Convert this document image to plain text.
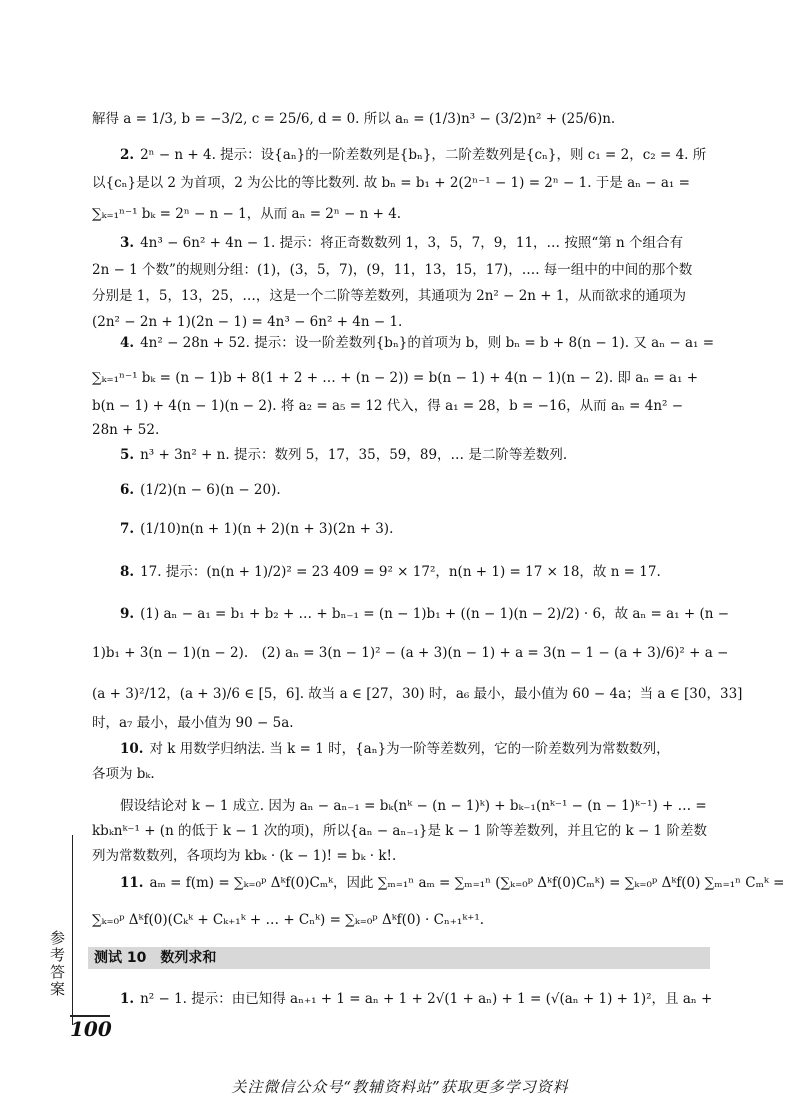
解得 a = 1/3, b = −3/2, c = 25/6, d = 0. 所以 aₙ = (1/3)n³ − (3/2)n² + (25/6)n.
2. 2ⁿ − n + 4. 提示：设{aₙ}的一阶差数列是{bₙ}，二阶差数列是{cₙ}，则 c₁ = 2，c₂ = 4. 所
以{cₙ}是以 2 为首项，2 为公比的等比数列. 故 bₙ = b₁ + 2(2ⁿ⁻¹ − 1) = 2ⁿ − 1. 于是 aₙ − a₁ =
∑ₖ₌₁ⁿ⁻¹ bₖ = 2ⁿ − n − 1，从而 aₙ = 2ⁿ − n + 4.
3. 4n³ − 6n² + 4n − 1. 提示：将正奇数数列 1，3，5，7，9，11，… 按照“第 n 个组合有
2n − 1 个数”的规则分组：(1)，(3，5，7)，(9，11，13，15，17)，…. 每一组中的中间的那个数
分别是 1，5，13，25，…，这是一个二阶等差数列，其通项为 2n² − 2n + 1，从而欲求的通项为
(2n² − 2n + 1)(2n − 1) = 4n³ − 6n² + 4n − 1.
4. 4n² − 28n + 52. 提示：设一阶差数列{bₙ}的首项为 b，则 bₙ = b + 8(n − 1). 又 aₙ − a₁ =
∑ₖ₌₁ⁿ⁻¹ bₖ = (n − 1)b + 8(1 + 2 + … + (n − 2)) = b(n − 1) + 4(n − 1)(n − 2). 即 aₙ = a₁ +
b(n − 1) + 4(n − 1)(n − 2). 将 a₂ = a₅ = 12 代入，得 a₁ = 28，b = −16，从而 aₙ = 4n² −
28n + 52.
5. n³ + 3n² + n. 提示：数列 5，17，35，59，89，… 是二阶等差数列.
6. (1/2)(n − 6)(n − 20).
7. (1/10)n(n + 1)(n + 2)(n + 3)(2n + 3).
8. 17. 提示：(n(n + 1)/2)² = 23 409 = 9² × 17²，n(n + 1) = 17 × 18，故 n = 17.
9. (1) aₙ − a₁ = b₁ + b₂ + … + bₙ₋₁ = (n − 1)b₁ + ((n − 1)(n − 2)/2) · 6，故 aₙ = a₁ + (n −
1)b₁ + 3(n − 1)(n − 2).　(2) aₙ = 3(n − 1)² − (a + 3)(n − 1) + a = 3(n − 1 − (a + 3)/6)² + a −
(a + 3)²/12，(a + 3)/6 ∈ [5，6]. 故当 a ∈ [27，30) 时，a₆ 最小，最小值为 60 − 4a；当 a ∈ [30，33]
时，a₇ 最小，最小值为 90 − 5a.
10. 对 k 用数学归纳法. 当 k = 1 时，{aₙ}为一阶等差数列，它的一阶差数列为常数数列，
各项为 bₖ.
假设结论对 k − 1 成立. 因为 aₙ − aₙ₋₁ = bₖ(nᵏ − (n − 1)ᵏ) + bₖ₋₁(nᵏ⁻¹ − (n − 1)ᵏ⁻¹) + … =
kbₖnᵏ⁻¹ + (n 的低于 k − 1 次的项)，所以{aₙ − aₙ₋₁}是 k − 1 阶等差数列，并且它的 k − 1 阶差数
列为常数数列，各项均为 kbₖ · (k − 1)! = bₖ · k!.
11. aₘ = f(m) = ∑ₖ₌₀ᵖ Δᵏf(0)Cₘᵏ，因此 ∑ₘ₌₁ⁿ aₘ = ∑ₘ₌₁ⁿ (∑ₖ₌₀ᵖ Δᵏf(0)Cₘᵏ) = ∑ₖ₌₀ᵖ Δᵏf(0) ∑ₘ₌₁ⁿ Cₘᵏ =
∑ₖ₌₀ᵖ Δᵏf(0)(Cₖᵏ + Cₖ₊₁ᵏ + … + Cₙᵏ) = ∑ₖ₌₀ᵖ Δᵏf(0) · Cₙ₊₁ᵏ⁺¹.
测试 10　数列求和
1. n² − 1. 提示：由已知得 aₙ₊₁ + 1 = aₙ + 1 + 2√(1 + aₙ) + 1 = (√(aₙ + 1) + 1)²，且 aₙ +
参考答案
100
关注微信公众号“教辅资料站”获取更多学习资料
